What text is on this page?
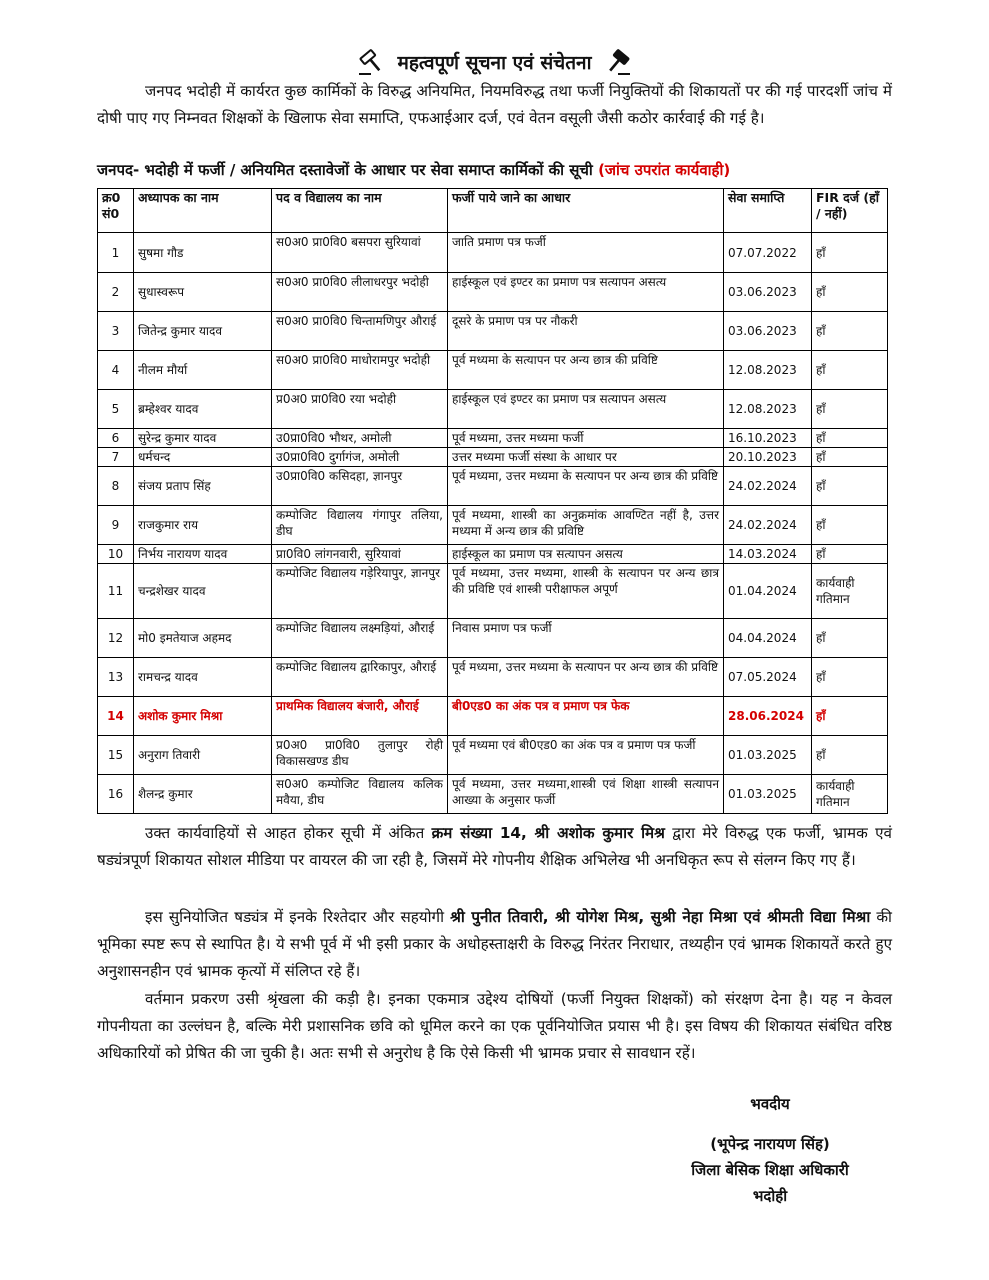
महत्वपूर्ण सूचना एवं संचेतना
जनपद भदोही में कार्यरत कुछ कार्मिकों के विरुद्ध अनियमित, नियमविरुद्ध तथा फर्जी नियुक्तियों की शिकायतों पर की गई पारदर्शी जांच में दोषी पाए गए निम्नवत शिक्षकों के खिलाफ सेवा समाप्ति, एफआईआर दर्ज, एवं वेतन वसूली जैसी कठोर कार्रवाई की गई है।
जनपद- भदोही में फर्जी / अनियमित दस्तावेजों के आधार पर सेवा समाप्त कार्मिकों की सूची (जांच उपरांत कार्यवाही)
क्र0 सं0	अध्यापक का नाम	पद व विद्यालय का नाम	फर्जी पाये जाने का आधार	सेवा समाप्ति	FIR दर्ज (हाँ / नहीं)
1	सुषमा गौड	स0अ0 प्रा0वि0 बसपरा सुरियावां	जाति प्रमाण पत्र फर्जी	07.07.2022	हाँ
2	सुधास्वरूप	स0अ0 प्रा0वि0 लीलाधरपुर भदोही	हाईस्कूल एवं इण्टर का प्रमाण पत्र सत्यापन असत्य	03.06.2023	हाँ
3	जितेन्द्र कुमार यादव	स0अ0 प्रा0वि0 चिन्तामणिपुर औराई	दूसरे के प्रमाण पत्र पर नौकरी	03.06.2023	हाँ
4	नीलम मौर्या	स0अ0 प्रा0वि0 माधोरामपुर भदोही	पूर्व मध्यमा के सत्यापन पर अन्य छात्र की प्रविष्टि	12.08.2023	हाँ
5	ब्रम्हेश्वर यादव	प्र0अ0 प्रा0वि0 रया भदोही	हाईस्कूल एवं इण्टर का प्रमाण पत्र सत्यापन असत्य	12.08.2023	हाँ
6	सुरेन्द्र कुमार यादव	उ0प्रा0वि0 भौथर, अमोली	पूर्व मध्यमा, उत्तर मध्यमा फर्जी	16.10.2023	हाँ
7	धर्मचन्द	उ0प्रा0वि0 दुर्गागंज, अमोली	उत्तर मध्यमा फर्जी संस्था के आधार पर	20.10.2023	हाँ
8	संजय प्रताप सिंह	उ0प्रा0वि0 कसिदहा, ज्ञानपुर	पूर्व मध्यमा, उत्तर मध्यमा के सत्यापन पर अन्य छात्र की प्रविष्टि	24.02.2024	हाँ
9	राजकुमार राय	कम्पोजिट विद्यालय गंगापुर तलिया, डीघ	पूर्व मध्यमा, शास्त्री का अनुक्रमांक आवण्टित नहीं है, उत्तर मध्यमा में अन्य छात्र की प्रविष्टि	24.02.2024	हाँ
10	निर्भय नारायण यादव	प्रा0वि0 लांगनवारी, सुरियावां	हाईस्कूल का प्रमाण पत्र सत्यापन असत्य	14.03.2024	हाँ
11	चन्द्रशेखर यादव	कम्पोजिट विद्यालय गड़ेरियापुर, ज्ञानपुर	पूर्व मध्यमा, उत्तर मध्यमा, शास्त्री के सत्यापन पर अन्य छात्र की प्रविष्टि एवं शास्त्री परीक्षाफल अपूर्ण	01.04.2024	कार्यवाही गतिमान
12	मो0 इमतेयाज अहमद	कम्पोजिट विद्यालय लक्ष्मड़ियां, औराई	निवास प्रमाण पत्र फर्जी	04.04.2024	हाँ
13	रामचन्द्र यादव	कम्पोजिट विद्यालय द्वारिकापुर, औराई	पूर्व मध्यमा, उत्तर मध्यमा के सत्यापन पर अन्य छात्र की प्रविष्टि	07.05.2024	हाँ
14	अशोक कुमार मिश्रा	प्राथमिक विद्यालय बंजारी, औराई	बी0एड0 का अंक पत्र व प्रमाण पत्र फेक	28.06.2024	हाँ
15	अनुराग तिवारी	प्र0अ0 प्रा0वि0 तुलापुर रोही विकासखण्ड डीघ	पूर्व मध्यमा एवं बी0एड0 का अंक पत्र व प्रमाण पत्र फर्जी	01.03.2025	हाँ
16	शैलन्द्र कुमार	स0अ0 कम्पोजिट विद्यालय कलिक मवैया, डीघ	पूर्व मध्यमा, उत्तर मध्यमा,शास्त्री एवं शिक्षा शास्त्री सत्यापन आख्या के अनुसार फर्जी	01.03.2025	कार्यवाही गतिमान
उक्त कार्यवाहियों से आहत होकर सूची में अंकित क्रम संख्या 14, श्री अशोक कुमार मिश्र द्वारा मेरे विरुद्ध एक फर्जी, भ्रामक एवं षड्यंत्रपूर्ण शिकायत सोशल मीडिया पर वायरल की जा रही है, जिसमें मेरे गोपनीय शैक्षिक अभिलेख भी अनधिकृत रूप से संलग्न किए गए हैं।
इस सुनियोजित षड्यंत्र में इनके रिश्तेदार और सहयोगी श्री पुनीत तिवारी, श्री योगेश मिश्र, सुश्री नेहा मिश्रा एवं श्रीमती विद्या मिश्रा की भूमिका स्पष्ट रूप से स्थापित है। ये सभी पूर्व में भी इसी प्रकार के अधोहस्ताक्षरी के विरुद्ध निरंतर निराधार, तथ्यहीन एवं भ्रामक शिकायतें करते हुए अनुशासनहीन एवं भ्रामक कृत्यों में संलिप्त रहे हैं।
वर्तमान प्रकरण उसी श्रृंखला की कड़ी है। इनका एकमात्र उद्देश्य दोषियों (फर्जी नियुक्त शिक्षकों) को संरक्षण देना है। यह न केवल गोपनीयता का उल्लंघन है, बल्कि मेरी प्रशासनिक छवि को धूमिल करने का एक पूर्वनियोजित प्रयास भी है। इस विषय की शिकायत संबंधित वरिष्ठ अधिकारियों को प्रेषित की जा चुकी है। अतः सभी से अनुरोध है कि ऐसे किसी भी भ्रामक प्रचार से सावधान रहें।
भवदीय
(भूपेन्द्र नारायण सिंह)
जिला बेसिक शिक्षा अधिकारी
भदोही
